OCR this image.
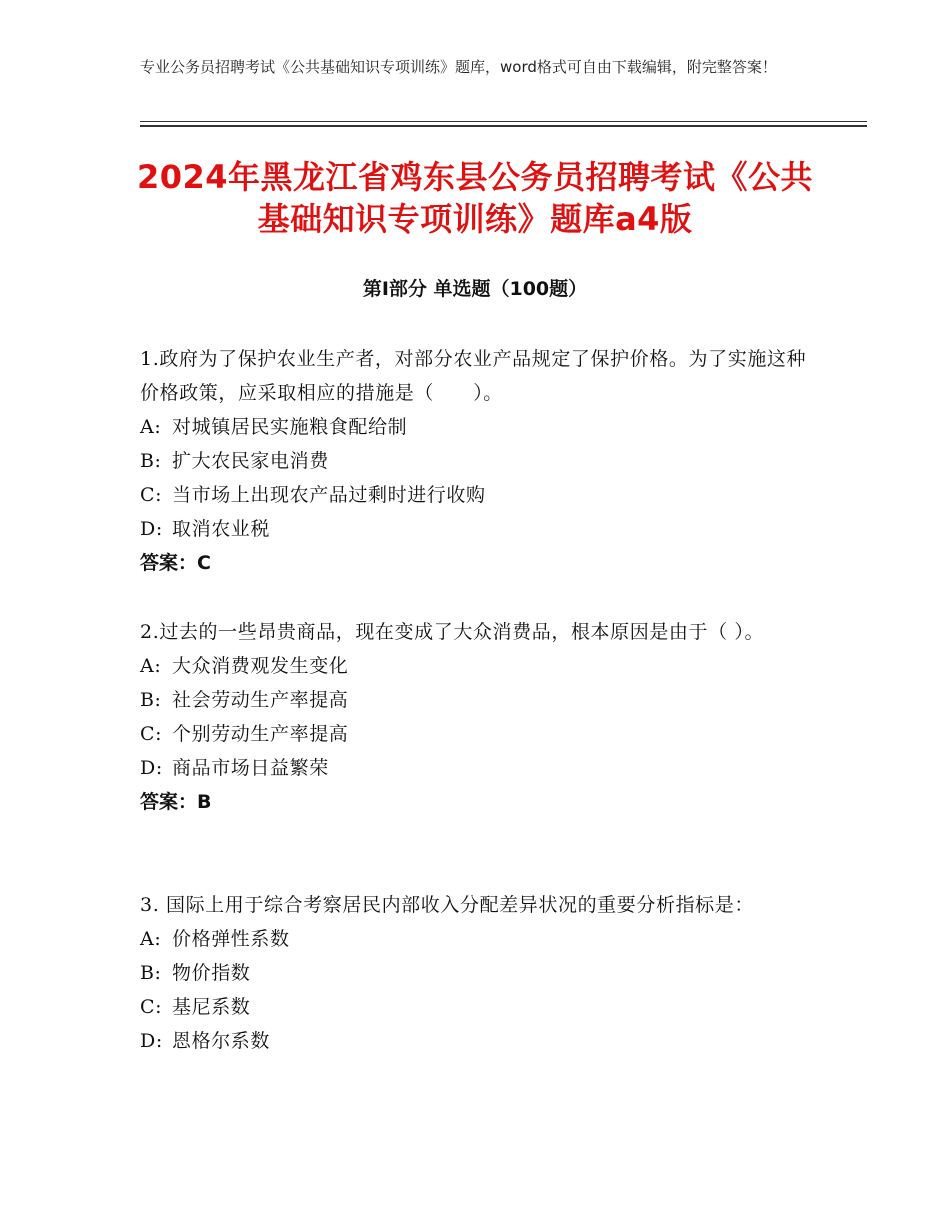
专业公务员招聘考试《公共基础知识专项训练》题库，word格式可自由下载编辑，附完整答案！
2024年黑龙江省鸡东县公务员招聘考试《公共基础知识专项训练》题库a4版
第Ⅰ部分 单选题（100题）

1.政府为了保护农业生产者，对部分农业产品规定了保护价格。为了实施这种价格政策，应采取相应的措施是（　　）。

A: 对城镇居民实施粮食配给制

B: 扩大农民家电消费

C: 当市场上出现农产品过剩时进行收购

D: 取消农业税

答案：C

2.过去的一些昂贵商品，现在变成了大众消费品，根本原因是由于（ ）。

A: 大众消费观发生变化

B: 社会劳动生产率提高

C: 个别劳动生产率提高

D: 商品市场日益繁荣

答案：B

3. 国际上用于综合考察居民内部收入分配差异状况的重要分析指标是：

A: 价格弹性系数

B: 物价指数

C: 基尼系数

D: 恩格尔系数
